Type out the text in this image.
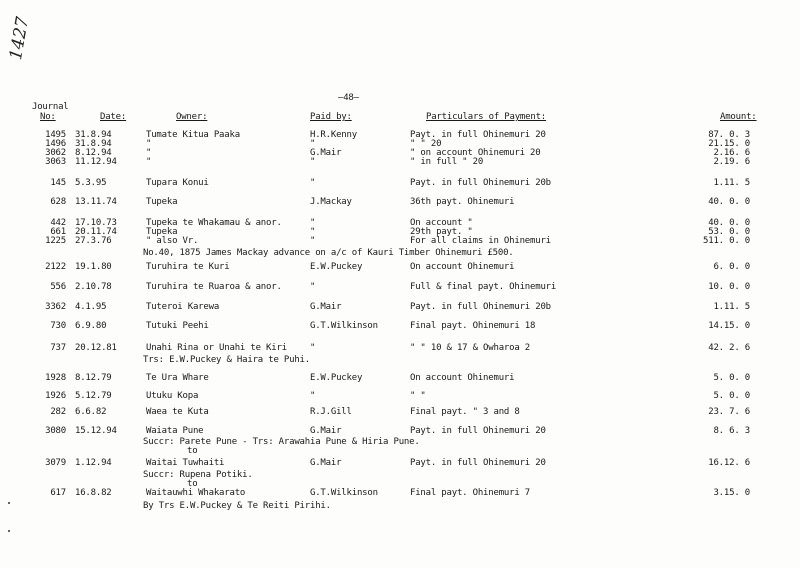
1427
—48—
Journal
No:	Date:	Owner:	Paid by:	Particulars of Payment:	Amount:
1495 31.8.94	Tumate Kitua Paaka	H.R.Kenny	Payt. in full Ohinemuri 20	87. 0. 3
1496 31.8.94	"	"	" " 20	21.15. 0
3062 8.12.94	"	G.Mair	" on account Ohinemuri 20	2.16. 6
3063 11.12.94	"	"	" in full " 20	2.19. 6
145 5.3.95	Tupara Konui	"	Payt. in full Ohinemuri 20b	1.11. 5
628 13.11.74	Tupeka	J.Mackay	36th payt. Ohinemuri	40. 0. 0
442 17.10.73	Tupeka te Whakamau & anor.	"	On account "	40. 0. 0
661 20.11.74	Tupeka	"	29th payt. "	53. 0. 0
1225 27.3.76	" also Vr.	"	For all claims in Ohinemuri	511. 0. 0
2122 19.1.80	Turuhira te Kuri	E.W.Puckey	On account Ohinemuri	6. 0. 0
556 2.10.78	Turuhira te Ruaroa & anor.	"	Full & final payt. Ohinemuri	10. 0. 0
3362 4.1.95	Tuteroi Karewa	G.Mair	Payt. in full Ohinemuri 20b	1.11. 5
730 6.9.80	Tutuki Peehi	G.T.Wilkinson	Final payt. Ohinemuri 18	14.15. 0
737 20.12.81	Unahi Rina or Unahi te Kiri	"	" " 10 & 17 & Owharoa 2	42. 2. 6
1928 8.12.79	Te Ura Whare	E.W.Puckey	On account Ohinemuri	5. 0. 0
1926 5.12.79	Utuku Kopa	"	" "	5. 0. 0
282 6.6.82	Waea te Kuta	R.J.Gill	Final payt. " 3 and 8	23. 7. 6
3080 15.12.94	Waiata Pune	G.Mair	Payt. in full Ohinemuri 20	8. 6. 3
3079 1.12.94	Waitai Tuwhaiti	G.Mair	Payt. in full Ohinemuri 20	16.12. 6
617 16.8.82	Waitauwhi Whakarato	G.T.Wilkinson	Final payt. Ohinemuri 7	3.15. 0
No.40, 1875 James Mackay advance on a/c of Kauri Timber Ohinemuri £500.
Trs: E.W.Puckey & Haira te Puhi.
Succr: Parete Pune - Trs: Arawahia Pune & Hiria Pune.
to
Succr: Rupena Potiki.
to
By Trs E.W.Puckey & Te Reiti Pirihi.
